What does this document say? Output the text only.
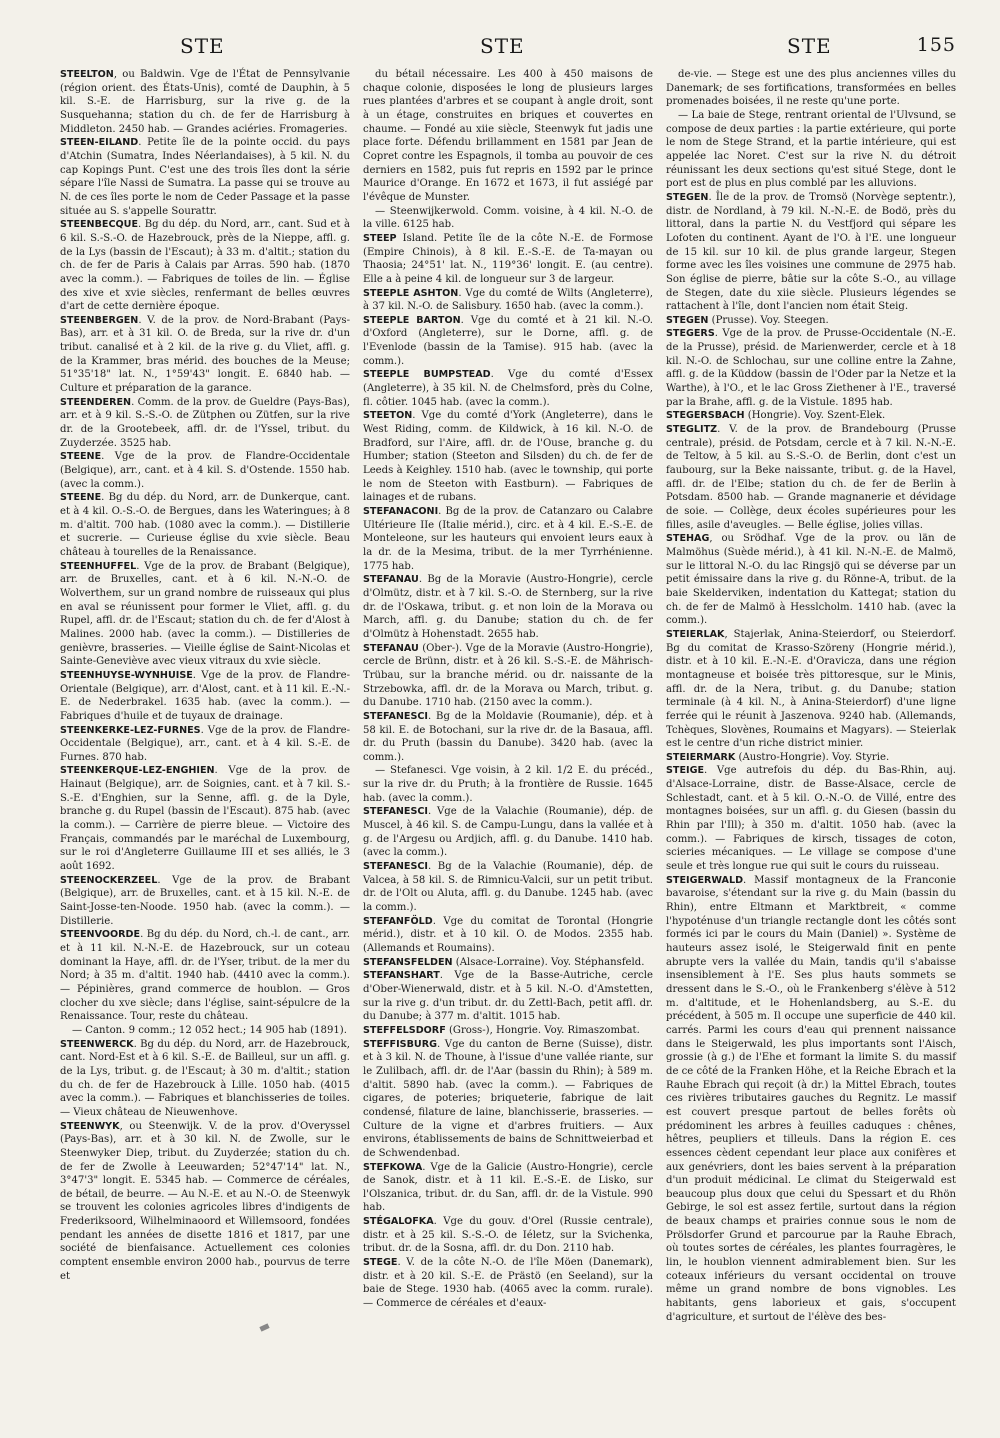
STE	STE	STE	155

STEELTON, ou Baldwin. Vge de l'État de Pennsylvanie (région orient. des États-Unis), comté de Dauphin, à 5 kil. S.-E. de Harrisburg, sur la rive g. de la Susquehanna; station du ch. de fer de Harrisburg à Middleton. 2450 hab. — Grandes aciéries. Fromageries.

STEEN-EILAND. Petite île de la pointe occid. du pays d'Atchin (Sumatra, Indes Néerlandaises), à 5 kil. N. du cap Kopings Punt. C'est une des trois îles dont la série sépare l'île Nassi de Sumatra. La passe qui se trouve au N. de ces îles porte le nom de Ceder Passage et la passe située au S. s'appelle Sourattr.

STEENBECQUE. Bg du dép. du Nord, arr., cant. Sud et à 6 kil. S.-S.-O. de Hazebrouck, près de la Nieppe, affl. g. de la Lys (bassin de l'Escaut); à 33 m. d'altit.; station du ch. de fer de Paris à Calais par Arras. 590 hab. (1870 avec la comm.). — Fabriques de toiles de lin. — Église des xive et xvie siècles, renfermant de belles œuvres d'art de cette dernière époque.

STEENBERGEN. V. de la prov. de Nord-Brabant (Pays-Bas), arr. et à 31 kil. O. de Breda, sur la rive dr. d'un tribut. canalisé et à 2 kil. de la rive g. du Vliet, affl. g. de la Krammer, bras mérid. des bouches de la Meuse; 51°35'18" lat. N., 1°59'43" longit. E. 6840 hab. — Culture et préparation de la garance.

STEENDEREN. Comm. de la prov. de Gueldre (Pays-Bas), arr. et à 9 kil. S.-S.-O. de Zütphen ou Zütfen, sur la rive dr. de la Grootebeek, affl. dr. de l'Yssel, tribut. du Zuyderzée. 3525 hab.

STEENE. Vge de la prov. de Flandre-Occidentale (Belgique), arr., cant. et à 4 kil. S. d'Ostende. 1550 hab. (avec la comm.).

STEENE. Bg du dép. du Nord, arr. de Dunkerque, cant. et à 4 kil. O.-S.-O. de Bergues, dans les Wateringues; à 8 m. d'altit. 700 hab. (1080 avec la comm.). — Distillerie et sucrerie. — Curieuse église du xvie siècle. Beau château à tourelles de la Renaissance.

STEENHUFFEL. Vge de la prov. de Brabant (Belgique), arr. de Bruxelles, cant. et à 6 kil. N.-N.-O. de Wolverthem, sur un grand nombre de ruisseaux qui plus en aval se réunissent pour former le Vliet, affl. g. du Rupel, affl. dr. de l'Escaut; station du ch. de fer d'Alost à Malines. 2000 hab. (avec la comm.). — Distilleries de genièvre, brasseries. — Vieille église de Saint-Nicolas et Sainte-Geneviève avec vieux vitraux du xvie siècle.

STEENHUYSE-WYNHUISE. Vge de la prov. de Flandre-Orientale (Belgique), arr. d'Alost, cant. et à 11 kil. E.-N.-E. de Nederbrakel. 1635 hab. (avec la comm.). — Fabriques d'huile et de tuyaux de drainage.

STEENKERKE-LEZ-FURNES. Vge de la prov. de Flandre-Occidentale (Belgique), arr., cant. et à 4 kil. S.-E. de Furnes. 870 hab.

STEENKERQUE-LEZ-ENGHIEN. Vge de la prov. de Hainaut (Belgique), arr. de Soignies, cant. et à 7 kil. S.-S.-E. d'Enghien, sur la Senne, affl. g. de la Dyle, branche g. du Rupel (bassin de l'Escaut). 875 hab. (avec la comm.). — Carrière de pierre bleue. — Victoire des Français, commandés par le maréchal de Luxembourg, sur le roi d'Angleterre Guillaume III et ses alliés, le 3 août 1692.

STEENOCKERZEEL. Vge de la prov. de Brabant (Belgique), arr. de Bruxelles, cant. et à 15 kil. N.-E. de Saint-Josse-ten-Noode. 1950 hab. (avec la comm.). — Distillerie.

STEENVOORDE. Bg du dép. du Nord, ch.-l. de cant., arr. et à 11 kil. N.-N.-E. de Hazebrouck, sur un coteau dominant la Haye, affl. dr. de l'Yser, tribut. de la mer du Nord; à 35 m. d'altit. 1940 hab. (4410 avec la comm.). — Pépinières, grand commerce de houblon. — Gros clocher du xve siècle; dans l'église, saint-sépulcre de la Renaissance. Tour, reste du château.

— Canton. 9 comm.; 12 052 hect.; 14 905 hab (1891).

STEENWERCK. Bg du dép. du Nord, arr. de Hazebrouck, cant. Nord-Est et à 6 kil. S.-E. de Bailleul, sur un affl. g. de la Lys, tribut. g. de l'Escaut; à 30 m. d'altit.; station du ch. de fer de Hazebrouck à Lille. 1050 hab. (4015 avec la comm.). — Fabriques et blanchisseries de toiles. — Vieux château de Nieuwenhove.

STEENWYK, ou Steenwijk. V. de la prov. d'Overyssel (Pays-Bas), arr. et à 30 kil. N. de Zwolle, sur le Steenwyker Diep, tribut. du Zuyderzée; station du ch. de fer de Zwolle à Leeuwarden; 52°47'14" lat. N., 3°47'3" longit. E. 5345 hab. — Commerce de céréales, de bétail, de beurre. — Au N.-E. et au N.-O. de Steenwyk se trouvent les colonies agricoles libres d'indigents de Frederiksoord, Wilhelminaoord et Willemsoord, fondées pendant les années de disette 1816 et 1817, par une société de bienfaisance. Actuellement ces colonies comptent ensemble environ 2000 hab., pourvus de terre et

du bétail nécessaire. Les 400 à 450 maisons de chaque colonie, disposées le long de plusieurs larges rues plantées d'arbres et se coupant à angle droit, sont à un étage, construites en briques et couvertes en chaume. — Fondé au xiie siècle, Steenwyk fut jadis une place forte. Défendu brillamment en 1581 par Jean de Copret contre les Espagnols, il tomba au pouvoir de ces derniers en 1582, puis fut repris en 1592 par le prince Maurice d'Orange. En 1672 et 1673, il fut assiégé par l'évêque de Munster.

— Steenwijkerwold. Comm. voisine, à 4 kil. N.-O. de la ville. 6125 hab.

STEEP Island. Petite île de la côte N.-E. de Formose (Empire Chinois), à 8 kil. E.-S.-E. de Ta-mayan ou Thaosia; 24°51' lat. N., 119°36' longit. E. (au centre). Elle a à peine 4 kil. de longueur sur 3 de largeur.

STEEPLE ASHTON. Vge du comté de Wilts (Angleterre), à 37 kil. N.-O. de Salisbury. 1650 hab. (avec la comm.).

STEEPLE BARTON. Vge du comté et à 21 kil. N.-O. d'Oxford (Angleterre), sur le Dorne, affl. g. de l'Evenlode (bassin de la Tamise). 915 hab. (avec la comm.).

STEEPLE BUMPSTEAD. Vge du comté d'Essex (Angleterre), à 35 kil. N. de Chelmsford, près du Colne, fl. côtier. 1045 hab. (avec la comm.).

STEETON. Vge du comté d'York (Angleterre), dans le West Riding, comm. de Kildwick, à 16 kil. N.-O. de Bradford, sur l'Aire, affl. dr. de l'Ouse, branche g. du Humber; station (Steeton and Silsden) du ch. de fer de Leeds à Keighley. 1510 hab. (avec le township, qui porte le nom de Steeton with Eastburn). — Fabriques de lainages et de rubans.

STEFANACONI. Bg de la prov. de Catanzaro ou Calabre Ultérieure IIe (Italie mérid.), circ. et à 4 kil. E.-S.-E. de Monteleone, sur les hauteurs qui envoient leurs eaux à la dr. de la Mesima, tribut. de la mer Tyrrhénienne. 1775 hab.

STEFANAU. Bg de la Moravie (Austro-Hongrie), cercle d'Olmütz, distr. et à 7 kil. S.-O. de Sternberg, sur la rive dr. de l'Oskawa, tribut. g. et non loin de la Morava ou March, affl. g. du Danube; station du ch. de fer d'Olmütz à Hohenstadt. 2655 hab.

STEFANAU (Ober-). Vge de la Moravie (Austro-Hongrie), cercle de Brünn, distr. et à 26 kil. S.-S.-E. de Mährisch-Trübau, sur la branche mérid. ou dr. naissante de la Strzebowka, affl. dr. de la Morava ou March, tribut. g. du Danube. 1710 hab. (2150 avec la comm.).

STEFANESCI. Bg de la Moldavie (Roumanie), dép. et à 58 kil. E. de Botochani, sur la rive dr. de la Basaua, affl. dr. du Pruth (bassin du Danube). 3420 hab. (avec la comm.).

— Stefanesci. Vge voisin, à 2 kil. 1/2 E. du précéd., sur la rive dr. du Pruth; à la frontière de Russie. 1645 hab. (avec la comm.).

STEFANESCI. Vge de la Valachie (Roumanie), dép. de Muscel, à 46 kil. S. de Campu-Lungu, dans la vallée et à g. de l'Argesu ou Ardjich, affl. g. du Danube. 1410 hab. (avec la comm.).

STEFANESCI. Bg de la Valachie (Roumanie), dép. de Valcea, à 58 kil. S. de Rimnicu-Valcii, sur un petit tribut. dr. de l'Olt ou Aluta, affl. g. du Danube. 1245 hab. (avec la comm.).

STEFANFÖLD. Vge du comitat de Torontal (Hongrie mérid.), distr. et à 10 kil. O. de Modos. 2355 hab. (Allemands et Roumains).

STEFANSFELDEN (Alsace-Lorraine). Voy. Stéphansfeld.

STEFANSHART. Vge de la Basse-Autriche, cercle d'Ober-Wienerwald, distr. et à 5 kil. N.-O. d'Amstetten, sur la rive g. d'un tribut. dr. du Zettl-Bach, petit affl. dr. du Danube; à 377 m. d'altit. 1015 hab.

STEFFELSDORF (Gross-), Hongrie. Voy. Rimaszombat.

STEFFISBURG. Vge du canton de Berne (Suisse), distr. et à 3 kil. N. de Thoune, à l'issue d'une vallée riante, sur le Zulilbach, affl. dr. de l'Aar (bassin du Rhin); à 589 m. d'altit. 5890 hab. (avec la comm.). — Fabriques de cigares, de poteries; briqueterie, fabrique de lait condensé, filature de laine, blanchisserie, brasseries. — Culture de la vigne et d'arbres fruitiers. — Aux environs, établissements de bains de Schnittweierbad et de Schwendenbad.

STEFKOWA. Vge de la Galicie (Austro-Hongrie), cercle de Sanok, distr. et à 11 kil. E.-S.-E. de Lisko, sur l'Olszanica, tribut. dr. du San, affl. dr. de la Vistule. 990 hab.

STÉGALOFKA. Vge du gouv. d'Orel (Russie centrale), distr. et à 25 kil. S.-S.-O. de Iéletz, sur la Svichenka, tribut. dr. de la Sosna, affl. dr. du Don. 2110 hab.

STEGE. V. de la côte N.-O. de l'île Möen (Danemark), distr. et à 20 kil. S.-E. de Prästö (en Seeland), sur la baie de Stege. 1930 hab. (4065 avec la comm. rurale). — Commerce de céréales et d'eaux-

de-vie. — Stege est une des plus anciennes villes du Danemark; de ses fortifications, transformées en belles promenades boisées, il ne reste qu'une porte.

— La baie de Stege, rentrant oriental de l'Ulvsund, se compose de deux parties : la partie extérieure, qui porte le nom de Stege Strand, et la partie intérieure, qui est appelée lac Noret. C'est sur la rive N. du détroit réunissant les deux sections qu'est situé Stege, dont le port est de plus en plus comblé par les alluvions.

STEGEN. Île de la prov. de Tromsö (Norvège septentr.), distr. de Nordland, à 79 kil. N.-N.-E. de Bodö, près du littoral, dans la partie N. du Vestfjord qui sépare les Lofoten du continent. Ayant de l'O. à l'E. une longueur de 15 kil. sur 10 kil. de plus grande largeur, Stegen forme avec les îles voisines une commune de 2975 hab. Son église de pierre, bâtie sur la côte S.-O., au village de Stegen, date du xiie siècle. Plusieurs légendes se rattachent à l'île, dont l'ancien nom était Steig.

STEGEN (Prusse). Voy. Steegen.

STEGERS. Vge de la prov. de Prusse-Occidentale (N.-E. de la Prusse), présid. de Marienwerder, cercle et à 18 kil. N.-O. de Schlochau, sur une colline entre la Zahne, affl. g. de la Küddow (bassin de l'Oder par la Netze et la Warthe), à l'O., et le lac Gross Ziethener à l'E., traversé par la Brahe, affl. g. de la Vistule. 1895 hab.

STEGERSBACH (Hongrie). Voy. Szent-Elek.

STEGLITZ. V. de la prov. de Brandebourg (Prusse centrale), présid. de Potsdam, cercle et à 7 kil. N.-N.-E. de Teltow, à 5 kil. au S.-S.-O. de Berlin, dont c'est un faubourg, sur la Beke naissante, tribut. g. de la Havel, affl. dr. de l'Elbe; station du ch. de fer de Berlin à Potsdam. 8500 hab. — Grande magnanerie et dévidage de soie. — Collège, deux écoles supérieures pour les filles, asile d'aveugles. — Belle église, jolies villas.

STEHAG, ou Srödhaf. Vge de la prov. ou län de Malmöhus (Suède mérid.), à 41 kil. N.-N.-E. de Malmö, sur le littoral N.-O. du lac Ringsjö qui se déverse par un petit émissaire dans la rive g. du Rönne-A, tribut. de la baie Skelderviken, indentation du Kattegat; station du ch. de fer de Malmö à Hesslcholm. 1410 hab. (avec la comm.).

STEIERLAK, Stajerlak, Anina-Steierdorf, ou Steierdorf. Bg du comitat de Krasso-Szöreny (Hongrie mérid.), distr. et à 10 kil. E.-N.-E. d'Oravicza, dans une région montagneuse et boisée très pittoresque, sur le Minis, affl. dr. de la Nera, tribut. g. du Danube; station terminale (à 4 kil. N., à Anina-Steierdorf) d'une ligne ferrée qui le réunit à Jaszenova. 9240 hab. (Allemands, Tchèques, Slovènes, Roumains et Magyars). — Steierlak est le centre d'un riche district minier.

STEIERMARK (Austro-Hongrie). Voy. Styrie.

STEIGE. Vge autrefois du dép. du Bas-Rhin, auj. d'Alsace-Lorraine, distr. de Basse-Alsace, cercle de Schlestadt, cant. et à 5 kil. O.-N.-O. de Villé, entre des montagnes boisées, sur un affl. g. du Giesen (bassin du Rhin par l'Ill); à 350 m. d'altit. 1050 hab. (avec la comm.). — Fabriques de kirsch, tissages de coton, scieries mécaniques. — Le village se compose d'une seule et très longue rue qui suit le cours du ruisseau.

STEIGERWALD. Massif montagneux de la Franconie bavaroise, s'étendant sur la rive g. du Main (bassin du Rhin), entre Eltmann et Marktbreit, « comme l'hypoténuse d'un triangle rectangle dont les côtés sont formés ici par le cours du Main (Daniel) ». Système de hauteurs assez isolé, le Steigerwald finit en pente abrupte vers la vallée du Main, tandis qu'il s'abaisse insensiblement à l'E. Ses plus hauts sommets se dressent dans le S.-O., où le Frankenberg s'élève à 512 m. d'altitude, et le Hohenlandsberg, au S.-E. du précédent, à 505 m. Il occupe une superficie de 440 kil. carrés. Parmi les cours d'eau qui prennent naissance dans le Steigerwald, les plus importants sont l'Aisch, grossie (à g.) de l'Ehe et formant la limite S. du massif de ce côté de la Franken Höhe, et la Reiche Ebrach et la Rauhe Ebrach qui reçoit (à dr.) la Mittel Ebrach, toutes ces rivières tributaires gauches du Regnitz. Le massif est couvert presque partout de belles forêts où prédominent les arbres à feuilles caduques : chênes, hêtres, peupliers et tilleuls. Dans la région E. ces essences cèdent cependant leur place aux conifères et aux genévriers, dont les baies servent à la préparation d'un produit médicinal. Le climat du Steigerwald est beaucoup plus doux que celui du Spessart et du Rhön Gebirge, le sol est assez fertile, surtout dans la région de beaux champs et prairies connue sous le nom de Prölsdorfer Grund et parcourue par la Rauhe Ebrach, où toutes sortes de céréales, les plantes fourragères, le lin, le houblon viennent admirablement bien. Sur les coteaux inférieurs du versant occidental on trouve même un grand nombre de bons vignobles. Les habitants, gens laborieux et gais, s'occupent d'agriculture, et surtout de l'élève des bes-
